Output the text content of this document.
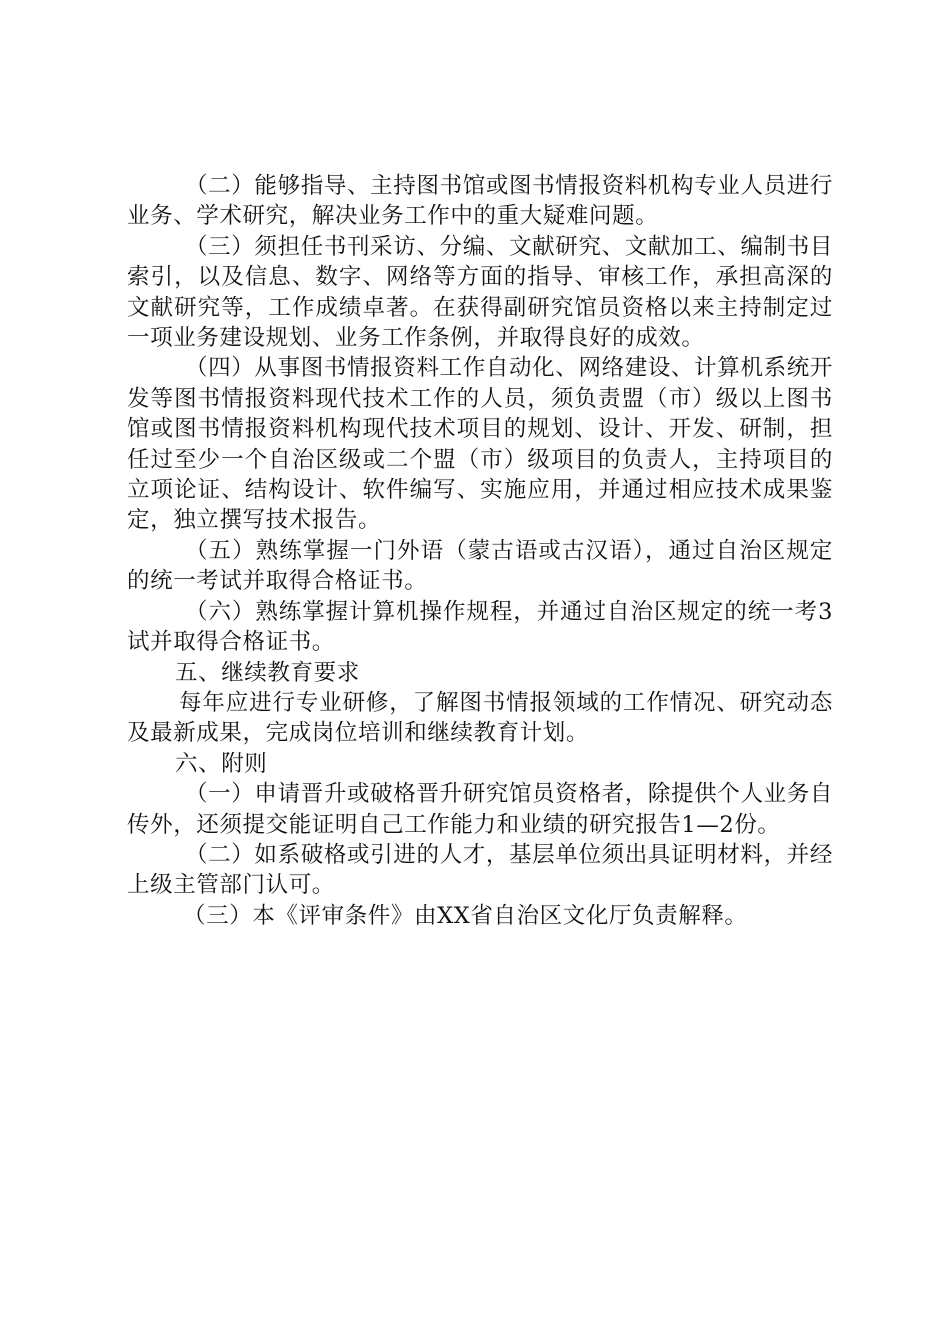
（二）能够指导、主持图书馆或图书情报资料机构专业人员进行业务、学术研究，解决业务工作中的重大疑难问题。

（三）须担任书刊采访、分编、文献研究、文献加工、编制书目索引，以及信息、数字、网络等方面的指导、审核工作，承担高深的文献研究等，工作成绩卓著。在获得副研究馆员资格以来主持制定过一项业务建设规划、业务工作条例，并取得良好的成效。

（四）从事图书情报资料工作自动化、网络建设、计算机系统开发等图书情报资料现代技术工作的人员，须负责盟（市）级以上图书馆或图书情报资料机构现代技术项目的规划、设计、开发、研制，担任过至少一个自治区级或二个盟（市）级项目的负责人，主持项目的立项论证、结构设计、软件编写、实施应用，并通过相应技术成果鉴定，独立撰写技术报告。

（五）熟练掌握一门外语（蒙古语或古汉语），通过自治区规定的统一考试并取得合格证书。

（六）熟练掌握计算机操作规程，并通过自治区规定的统一考3试并取得合格证书。

五、继续教育要求

每年应进行专业研修，了解图书情报领域的工作情况、研究动态及最新成果，完成岗位培训和继续教育计划。

六、附则

（一）申请晋升或破格晋升研究馆员资格者，除提供个人业务自传外，还须提交能证明自己工作能力和业绩的研究报告1—2份。

（二）如系破格或引进的人才，基层单位须出具证明材料，并经上级主管部门认可。

（三）本《评审条件》由XX省自治区文化厅负责解释。
